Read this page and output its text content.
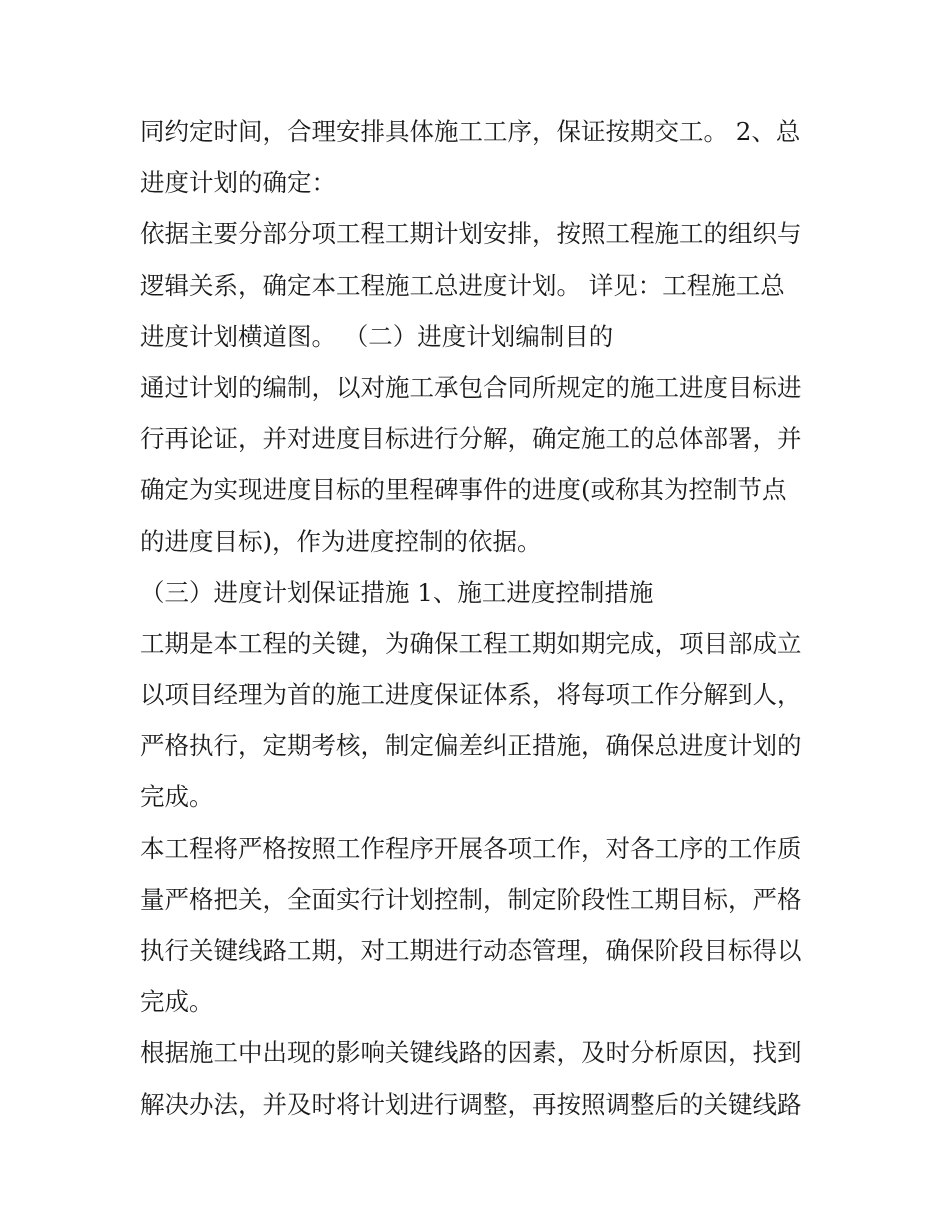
同约定时间，合理安排具体施工工序，保证按期交工。 2、总
进度计划的确定：
依据主要分部分项工程工期计划安排，按照工程施工的组织与
逻辑关系，确定本工程施工总进度计划。 详见：工程施工总
进度计划横道图。 （二）进度计划编制目的
通过计划的编制，以对施工承包合同所规定的施工进度目标进
行再论证，并对进度目标进行分解，确定施工的总体部署，并
确定为实现进度目标的里程碑事件的进度(或称其为控制节点
的进度目标)，作为进度控制的依据。
（三）进度计划保证措施 1、施工进度控制措施
工期是本工程的关键，为确保工程工期如期完成，项目部成立
以项目经理为首的施工进度保证体系，将每项工作分解到人，
严格执行，定期考核，制定偏差纠正措施，确保总进度计划的
完成。
本工程将严格按照工作程序开展各项工作，对各工序的工作质
量严格把关，全面实行计划控制，制定阶段性工期目标，严格
执行关键线路工期，对工期进行动态管理，确保阶段目标得以
完成。
根据施工中出现的影响关键线路的因素，及时分析原因，找到
解决办法，并及时将计划进行调整，再按照调整后的关键线路
